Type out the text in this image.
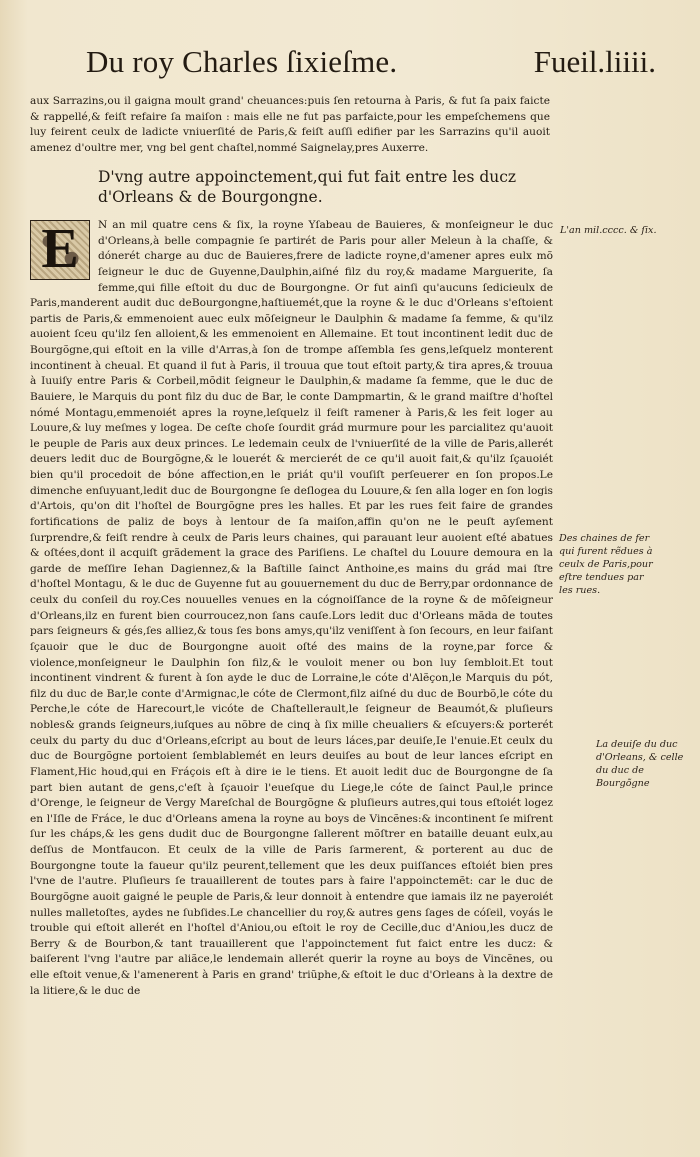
Du roy Charles ſixieſme.	Fueil.liiii.
aux Sarrazins,ou il gaigna moult grand' cheuances:puis ſen retourna à Paris, & fut ſa paix faicte & rappellé,& feiſt refaire ſa maiſon : mais elle ne fut pas parfaicte,pour les empeſchemens que luy feirent ceulx de ladicte vniuerſité de Paris,& feiſt auſſi edifier par les Sarrazins qu'il auoit amenez d'oultre mer, vng bel gent chaſtel,nommé Saignelay,pres Auxerre.
D'vng autre appoinctement,qui fut fait entre les ducz d'Orleans & de Bourgongne.
E	N an mil quatre cens & ſix, la royne Yſabeau de Bauieres, & monſeigneur le duc d'Orleans,à belle compagnie ſe partirét de Paris pour aller Meleun à la chaſſe, & dónerét charge au duc de Bauieres,frere de ladicte royne,d'amener apres eulx mõ ſeigneur le duc de Guyenne,Daulphin,aiſné filz du roy,& madame Marguerite, ſa femme,qui fille eſtoit du duc de Bourgongne. Or fut ainſi qu'aucuns ſedicieulx de Paris,manderent audit duc deBourgongne,haſtiuemét,que la royne & le duc d'Orleans s'eſtoient partis de Paris,& emmenoient auec eulx mõſeigneur le Daulphin & madame ſa femme, & qu'ilz auoient ſceu qu'ilz ſen alloient,& les emmenoient en Allemaine. Et tout incontinent ledit duc de Bourgõgne,qui eſtoit en la ville d'Arras,à ſon de trompe aſſembla ſes gens,leſquelz monterent incontinent à cheual. Et quand il fut à Paris, il trouua que tout eſtoit party,& tira apres,& trouua à Iuuiſy entre Paris & Corbeil,mõdit ſeigneur le Daulphin,& madame ſa femme, que le duc de Bauiere, le Marquis du pont filz du duc de Bar, le conte Dampmartin, & le grand maiſtre d'hoſtel nómé Montagu,emmenoiét apres la royne,leſquelz il feiſt ramener à Paris,& les feit loger au Louure,& luy meſmes y logea. De ceſte choſe ſourdit grád murmure pour les parcialitez qu'auoit le peuple de Paris aux deux princes. Le ledemain ceulx de l'vniuerſité de la ville de Paris,allerét deuers ledit duc de Bourgõgne,& le louerét & mercierét de ce qu'il auoit fait,& qu'ilz ſçauoiét bien qu'il procedoit de bóne affection,en le priát qu'il vouſiſt perſeuerer en ſon propos.Le dimenche enſuyuant,ledit duc de Bourgongne ſe deſlogea du Louure,& ſen alla loger en ſon logis d'Artois, qu'on dit l'hoſtel de Bourgõgne pres les halles. Et par les rues feit faire de grandes fortifications de paliz de boys à lentour de ſa maiſon,affin qu'on ne le peuſt ayſement ſurprendre,& feiſt rendre à ceulx de Paris leurs chaines, qui parauant leur auoient eſté abatues & oſtées,dont il acquiſt grãdement la grace des Pariſiens. Le chaſtel du Louure demoura en la garde de meſſire Iehan Dagiennez,& la Baſtille ſainct Anthoine,es mains du grád mai ſtre d'hoſtel Montagu, & le duc de Guyenne fut au gouuernement du duc de Berry,par ordonnance de ceulx du conſeil du roy.Ces nouuelles venues en la cógnoiſſance de la royne & de mõſeigneur d'Orleans,ilz en furent bien courroucez,non ſans cauſe.Lors ledit duc d'Orleans mãda de toutes pars ſeigneurs & gés,ſes alliez,& tous ſes bons amys,qu'ilz veniſſent à ſon ſecours, en leur faiſant ſçauoir que le duc de Bourgongne auoit oſté des mains de la royne,par force & violence,monſeigneur le Daulphin ſon filz,& le vouloit mener ou bon luy ſembloit.Et tout incontinent vindrent & furent à ſon ayde le duc de Lorraine,le cóte d'Alẽçon,le Marquis du pót, filz du duc de Bar,le conte d'Armignac,le cóte de Clermont,filz aiſné du duc de Bourbõ,le cóte du Perche,le cóte de Harecourt,le vicóte de Chaſtellerault,le ſeigneur de Beaumót,& pluſieurs nobles& grands ſeigneurs,iuſques au nõbre de cinq à ſix mille cheualiers & eſcuyers:& porterét ceulx du party du duc d'Orleans,eſcript au bout de leurs láces,par deuiſe,Ie l'enuie.Et ceulx du duc de Bourgõgne portoient ſemblablemét en leurs deuiſes au bout de leur lances eſcript en Flament,Hic houd,qui en Fráçois eſt à dire ie le tiens. Et auoit ledit duc de Bourgongne de ſa part bien autant de gens,c'eſt à ſçauoir l'eueſque du Liege,le cóte de ſainct Paul,le prince d'Orenge, le ſeigneur de Vergy Mareſchal de Bourgõgne & pluſieurs autres,qui tous eſtoiét logez en l'Iſle de Fráce, le duc d'Orleans amena la royne au boys de Vincẽnes:& incontinent ſe miſrent ſur les cháps,& les gens dudit duc de Bourgongne ſallerent mõſtrer en bataille deuant eulx,au deſſus de Montfaucon. Et ceulx de la ville de Paris ſarmerent, & porterent au duc de Bourgongne toute la faueur qu'ilz peurent,tellement que les deux puiſſances eſtoiét bien pres l'vne de l'autre. Pluſieurs ſe trauaillerent de toutes pars à faire l'appoinctemẽt: car le duc de Bourgõgne auoit gaigné le peuple de Paris,& leur donnoit à entendre que iamais ilz ne payeroiét nulles malletoſtes, aydes ne ſubſides.Le chancellier du roy,& autres gens ſages de cóſeil, voyás le trouble qui eſtoit allerét en l'hoſtel d'Aniou,ou eſtoit le roy de Cecille,duc d'Aniou,les ducz de Berry & de Bourbon,& tant trauaillerent que l'appoinctement fut faict entre les ducz: & baiſerent l'vng l'autre par aliãce,le lendemain allerét querir la royne au boys de Vincẽnes, ou elle eſtoit venue,& l'amenerent à Paris en grand' triũphe,& eſtoit le duc d'Orleans à la dextre de la litiere,& le duc de

L'an mil.cccc. & ſix.
Des chaines de fer qui furent rẽdues à ceulx de Paris,pour eſtre tendues par les rues.
La deuiſe du duc d'Orleans, & celle du duc de Bourgõgne
